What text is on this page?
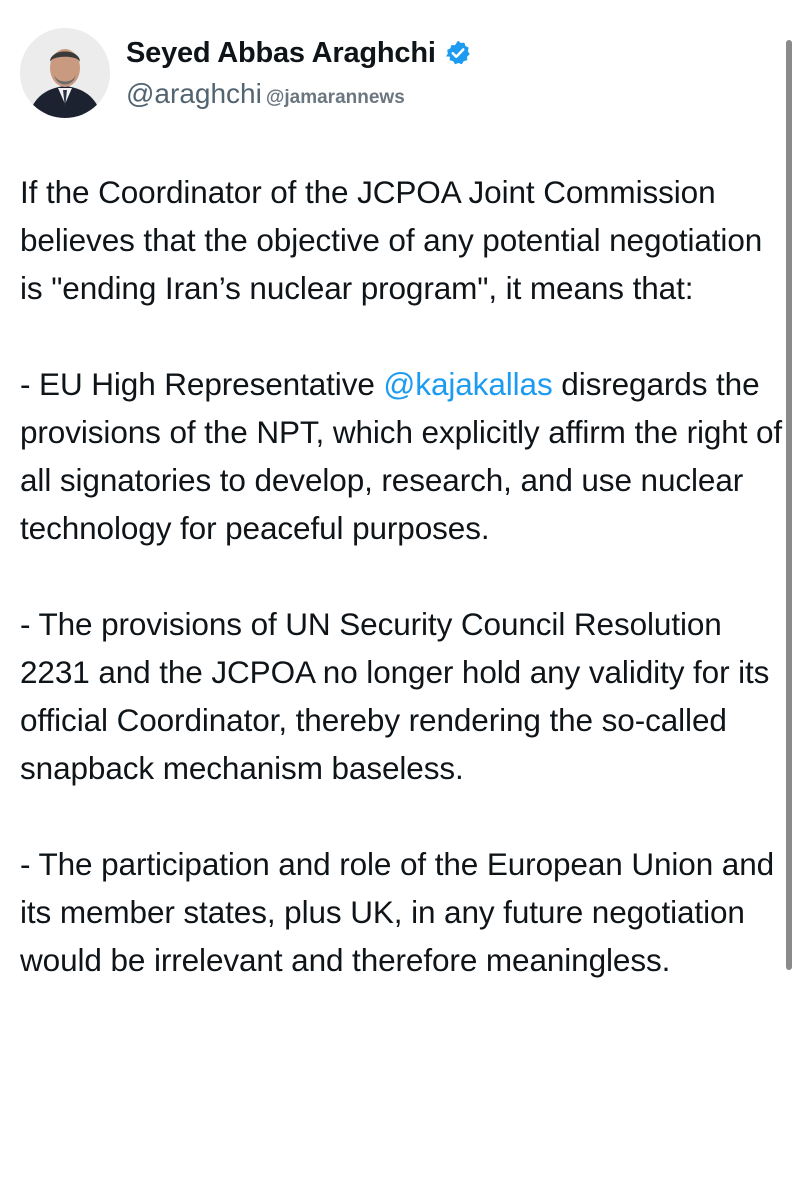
Seyed Abbas Araghchi
@araghchi @jamarannews

If the Coordinator of the JCPOA Joint Commission believes that the objective of any potential negotiation is "ending Iran’s nuclear program", it means that:

- EU High Representative @kajakallas disregards the provisions of the NPT, which explicitly affirm the right of all signatories to develop, research, and use nuclear technology for peaceful purposes.

- The provisions of UN Security Council Resolution 2231 and the JCPOA no longer hold any validity for its official Coordinator, thereby rendering the so-called snapback mechanism baseless.

- The participation and role of the European Union and its member states, plus UK, in any future negotiation would be irrelevant and therefore meaningless.
